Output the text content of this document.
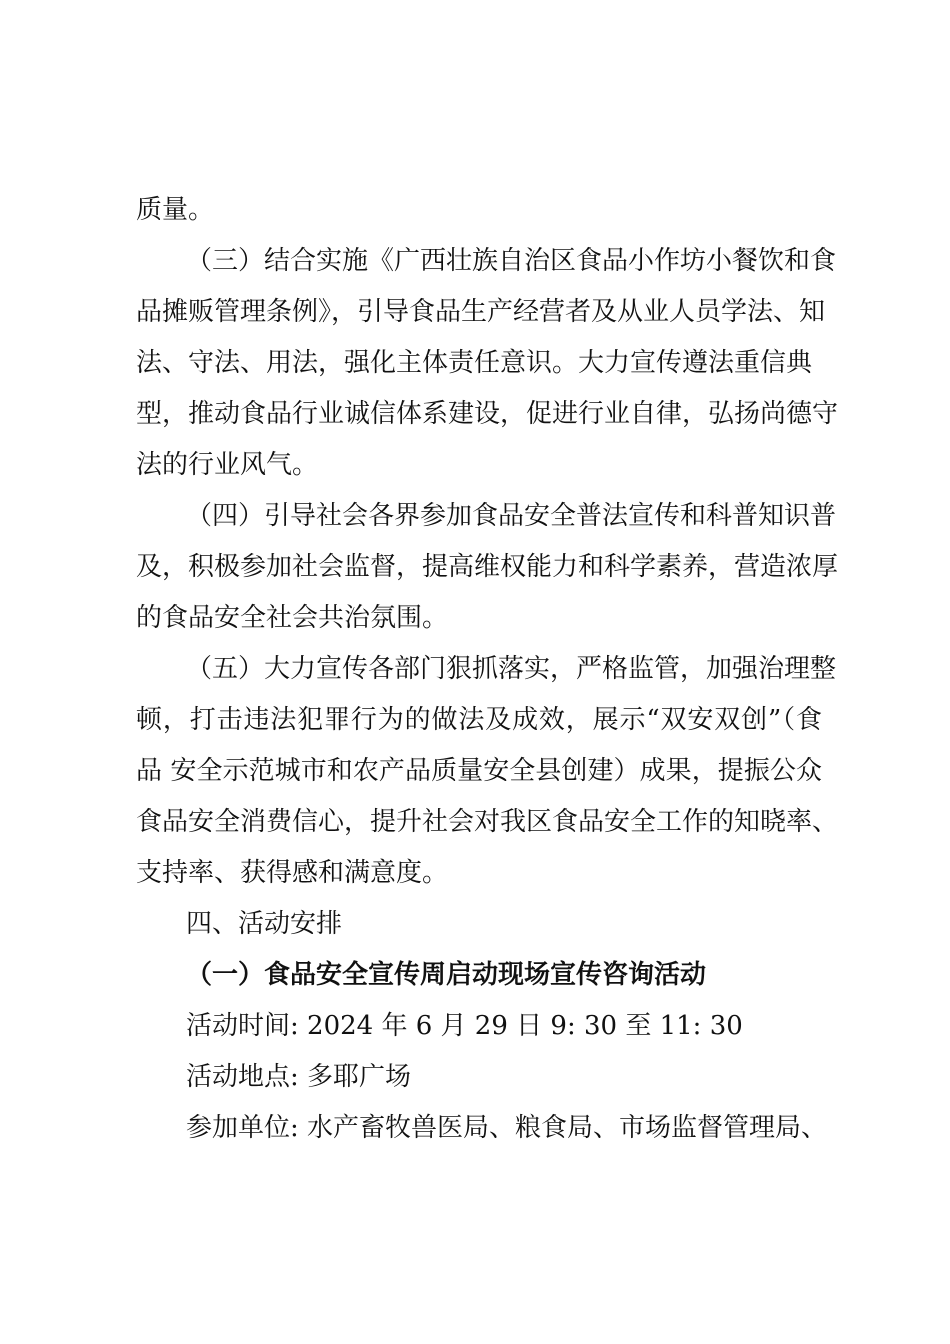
质量。
（三）结合实施《广西壮族自治区食品小作坊小餐饮和食
品摊贩管理条例》，引导食品生产经营者及从业人员学法、知
法、守法、用法，强化主体责任意识。大力宣传遵法重信典
型，推动食品行业诚信体系建设，促进行业自律，弘扬尚德守
法的行业风气。
（四）引导社会各界参加食品安全普法宣传和科普知识普
及，积极参加社会监督，提高维权能力和科学素养，营造浓厚
的食品安全社会共治氛围。
（五）大力宣传各部门狠抓落实，严格监管，加强治理整
顿，打击违法犯罪行为的做法及成效，展示“双安双创”（食
品 安全示范城市和农产品质量安全县创建）成果，提振公众
食品安全消费信心，提升社会对我区食品安全工作的知晓率、
支持率、获得感和满意度。
四、活动安排
（一）食品安全宣传周启动现场宣传咨询活动
活动时间: 2024 年 6 月 29 日 9: 30 至 11: 30
活动地点: 多耶广场
参加单位: 水产畜牧兽医局、粮食局、市场监督管理局、
